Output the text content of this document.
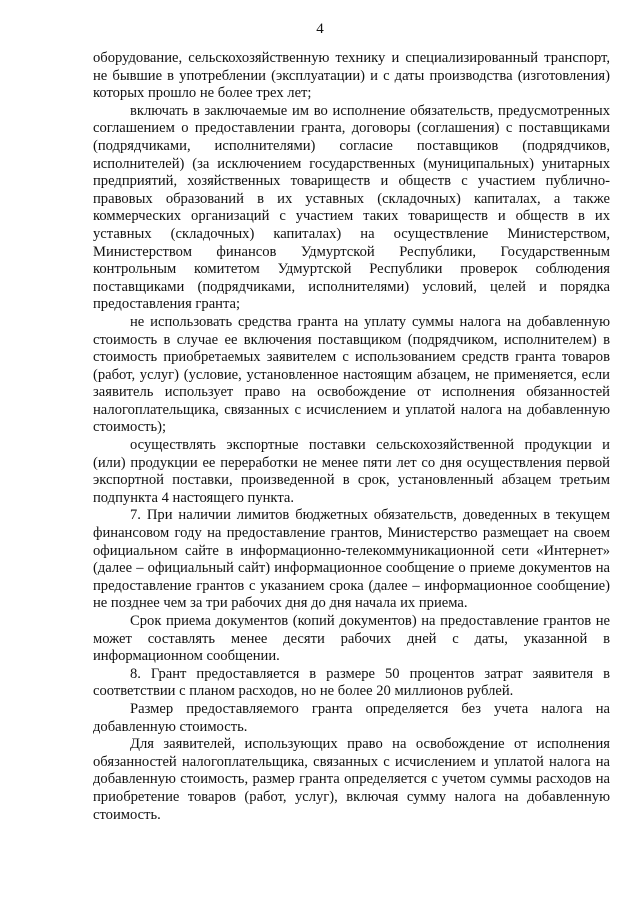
4

оборудование, сельскохозяйственную технику и специализированный транспорт, не бывшие в употреблении (эксплуатации) и с даты производства (изготовления) которых прошло не более трех лет;

включать в заключаемые им во исполнение обязательств, предусмотренных соглашением о предоставлении гранта, договоры (соглашения) с поставщиками (подрядчиками, исполнителями) согласие поставщиков (подрядчиков, исполнителей) (за исключением государственных (муниципальных) унитарных предприятий, хозяйственных товариществ и обществ с участием публично-правовых образований в их уставных (складочных) капиталах, а также коммерческих организаций с участием таких товариществ и обществ в их уставных (складочных) капиталах) на осуществление Министерством, Министерством финансов Удмуртской Республики, Государственным контрольным комитетом Удмуртской Республики проверок соблюдения поставщиками (подрядчиками, исполнителями) условий, целей и порядка предоставления гранта;

не использовать средства гранта на уплату суммы налога на добавленную стоимость в случае ее включения поставщиком (подрядчиком, исполнителем) в стоимость приобретаемых заявителем с использованием средств гранта товаров (работ, услуг) (условие, установленное настоящим абзацем, не применяется, если заявитель использует право на освобождение от исполнения обязанностей налогоплательщика, связанных с исчислением и уплатой налога на добавленную стоимость);

осуществлять экспортные поставки сельскохозяйственной продукции и (или) продукции ее переработки не менее пяти лет со дня осуществления первой экспортной поставки, произведенной в срок, установленный абзацем третьим подпункта 4 настоящего пункта.

7. При наличии лимитов бюджетных обязательств, доведенных в текущем финансовом году на предоставление грантов, Министерство размещает на своем официальном сайте в информационно-телекоммуникационной сети «Интернет» (далее – официальный сайт) информационное сообщение о приеме документов на предоставление грантов с указанием срока (далее – информационное сообщение) не позднее чем за три рабочих дня до дня начала их приема.

Срок приема документов (копий документов) на предоставление грантов не может составлять менее десяти рабочих дней с даты, указанной в информационном сообщении.

8. Грант предоставляется в размере 50 процентов затрат заявителя в соответствии с планом расходов, но не более 20 миллионов рублей.

Размер предоставляемого гранта определяется без учета налога на добавленную стоимость.

Для заявителей, использующих право на освобождение от исполнения обязанностей налогоплательщика, связанных с исчислением и уплатой налога на добавленную стоимость, размер гранта определяется с учетом суммы расходов на приобретение товаров (работ, услуг), включая сумму налога на добавленную стоимость.
